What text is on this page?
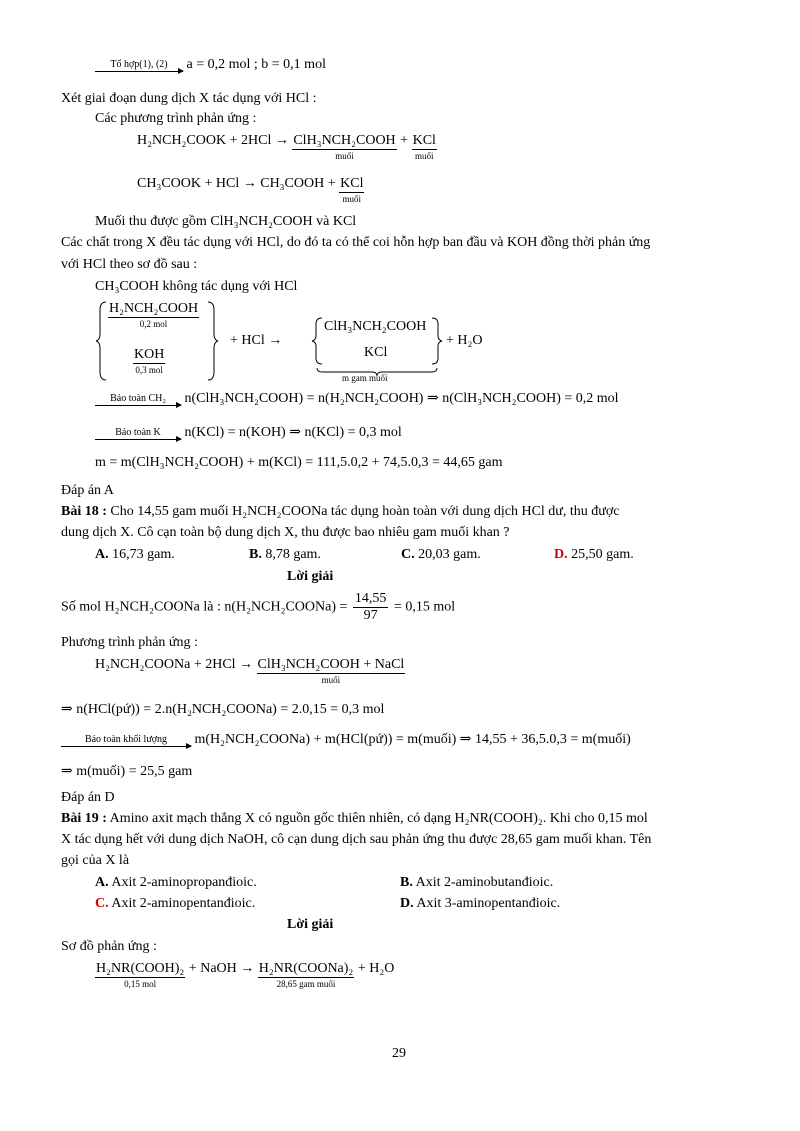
Tổ hợp(1), (2)	a = 0,2 mol ; b = 0,1 mol
Xét giai đoạn dung dịch X tác dụng với HCl :
Các phương trình phản ứng :
H₂NCH₂COOK + 2HCl → ClH₃NCH₂COOH
muối
+ KCl
muối
CH₃COOK + HCl → CH₃COOH + KCl
muối
Muối thu được gồm ClH₃NCH₂COOH và KCl
Các chất trong X đều tác dụng với HCl, do đó ta có thể coi hỗn hợp ban đầu và KOH đồng thời phản ứng
với HCl theo sơ đồ sau :
CH₃COOH không tác dụng với HCl
H₂NCH₂COOH
0,2 mol
KOH
0,3 mol
+ HCl →
ClH₃NCH₂COOH
KCl
m gam muối
+ H₂O
Bảo toàn CH₂	n(ClH₃NCH₂COOH) = n(H₂NCH₂COOH) ⇒ n(ClH₃NCH₂COOH) = 0,2 mol
Bảo toàn K	n(KCl) = n(KOH) ⇒ n(KCl) = 0,3 mol
m = m(ClH₃NCH₂COOH) + m(KCl) = 111,5.0,2 + 74,5.0,3 = 44,65 gam
Đáp án A
Bài 18 : Cho 14,55 gam muối H₂NCH₂COONa tác dụng hoàn toàn với dung dịch HCl dư, thu được
dung dịch X. Cô cạn toàn bộ dung dịch X, thu được bao nhiêu gam muối khan ?
A. 16,73 gam.	B. 8,78 gam.	C. 20,03 gam.	D. 25,50 gam.
Lời giải
Số mol H₂NCH₂COONa là : n(H₂NCH₂COONa) = $\frac{14,55}{97} = 0,15$ mol
Phương trình phản ứng :
H₂NCH₂COONa + 2HCl → ClH₃NCH₂COOH + NaCl
muối
⇒ n(HCl(pứ)) = 2.n(H₂NCH₂COONa) = 2.0,15 = 0,3 mol
Bảo toàn khối lượng	m(H₂NCH₂COONa) + m(HCl(pứ)) = m(muối) ⇒ 14,55 + 36,5.0,3 = m(muối)
⇒ m(muối) = 25,5 gam
Đáp án D
Bài 19 : Amino axit mạch thẳng X có nguồn gốc thiên nhiên, có dạng H₂NR(COOH)₂. Khi cho 0,15 mol
X tác dụng hết với dung dịch NaOH, cô cạn dung dịch sau phản ứng thu được 28,65 gam muối khan. Tên
gọi của X là
A. Axit 2-aminopropanđioic.	B. Axit 2-aminobutanđioic.
C. Axit 2-aminopentanđioic.	D. Axit 3-aminopentanđioic.
Lời giải
Sơ đồ phản ứng :
H₂NR(COOH)₂
0,15 mol
+ NaOH → H₂NR(COONa)₂
28,65 gam muối
+ H₂O
29
